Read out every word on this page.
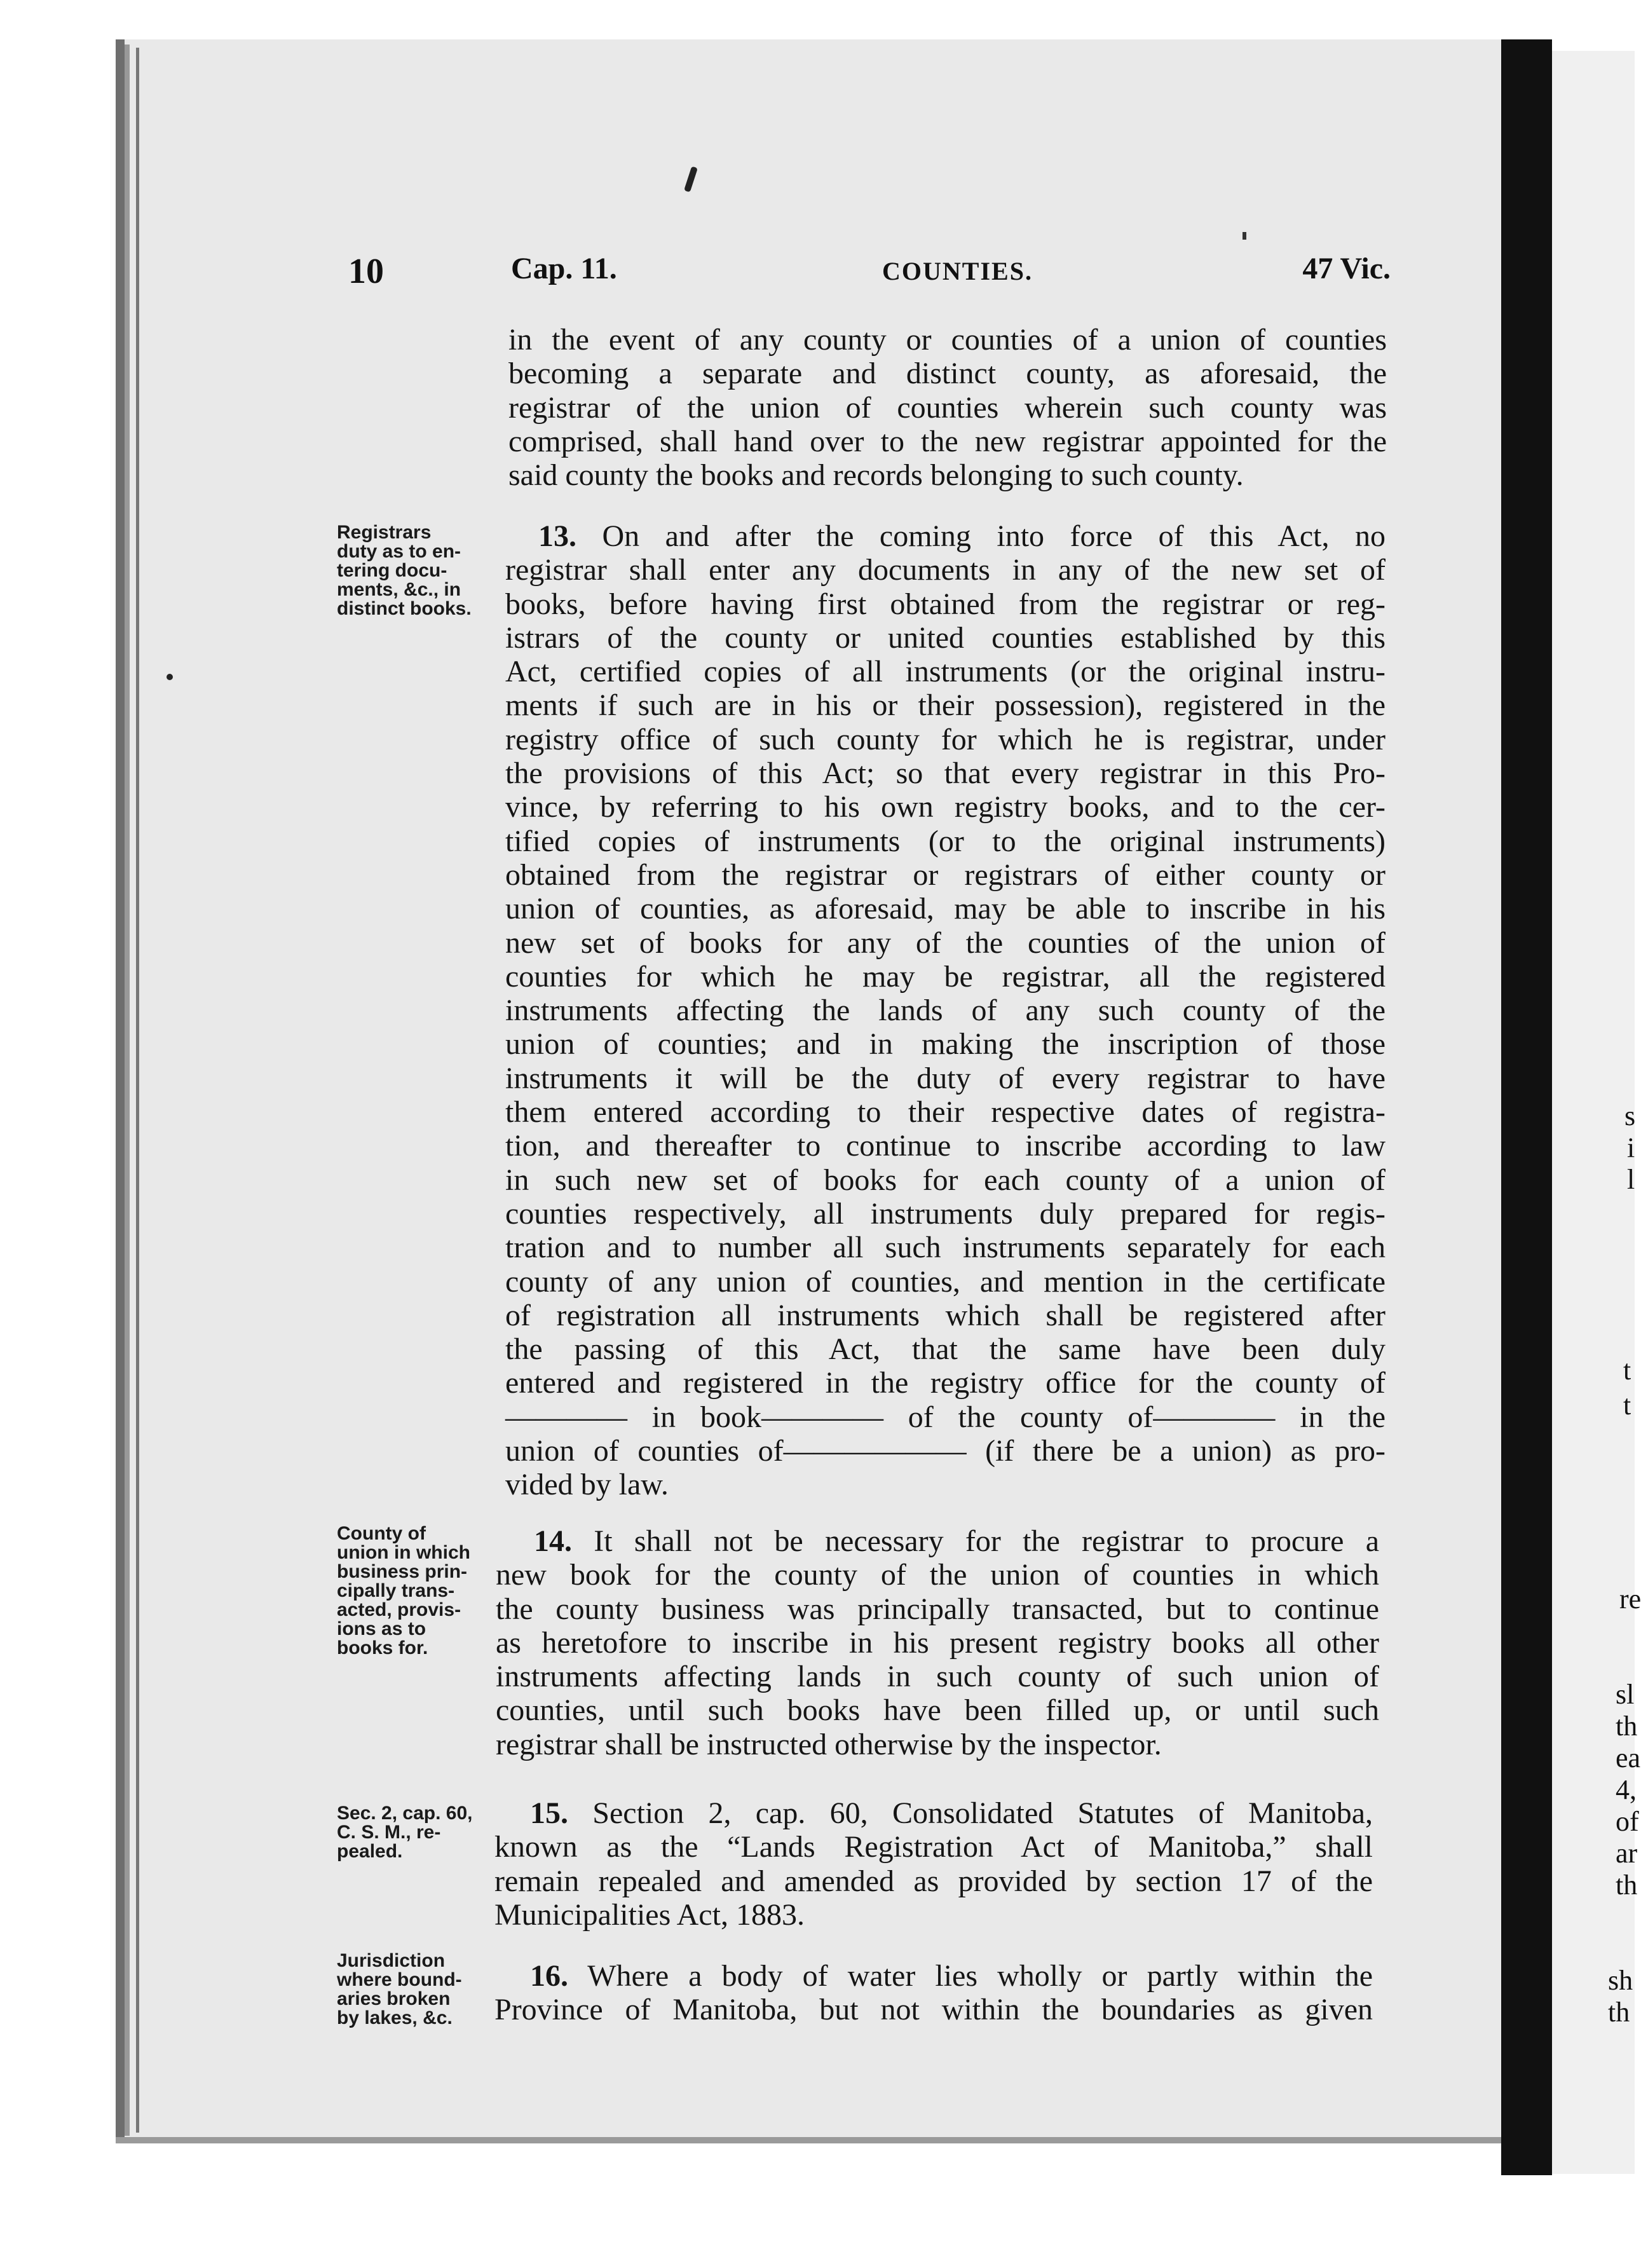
s
i
l
t
t
re
sl
th
ea
4,
of
ar
th
sh
th
10	Cap. 11.	COUNTIES.	47 Vic.
in the event of any county or counties of a union of counties
becoming a separate and distinct county, as aforesaid, the
registrar of the union of counties wherein such county was
comprised, shall hand over to the new registrar appointed for the
said county the books and records belonging to such county.
Registrars
duty as to en-
tering docu-
ments, &c., in
distinct books.
13. On and after the coming into force of this Act, no
registrar shall enter any documents in any of the new set of
books, before having first obtained from the registrar or reg-
istrars of the county or united counties established by this
Act, certified copies of all instruments (or the original instru-
ments if such are in his or their possession), registered in the
registry office of such county for which he is registrar, under
the provisions of this Act; so that every registrar in this Pro-
vince, by referring to his own registry books, and to the cer-
tified copies of instruments (or to the original instruments)
obtained from the registrar or registrars of either county or
union of counties, as aforesaid, may be able to inscribe in his
new set of books for any of the counties of the union of
counties for which he may be registrar, all the registered
instruments affecting the lands of any such county of the
union of counties; and in making the inscription of those
instruments it will be the duty of every registrar to have
them entered according to their respective dates of registra-
tion, and thereafter to continue to inscribe according to law
in such new set of books for each county of a union of
counties respectively, all instruments duly prepared for regis-
tration and to number all such instruments separately for each
county of any union of counties, and mention in the certificate
of registration all instruments which shall be registered after
the passing of this Act, that the same have been duly
entered and registered in the registry office for the county of
———— in book———— of the county of———— in the
union of counties of—————— (if there be a union) as pro-
vided by law.
County of
union in which
business prin-
cipally trans-
acted, provis-
ions as to
books for.
14. It shall not be necessary for the registrar to procure a
new book for the county of the union of counties in which
the county business was principally transacted, but to continue
as heretofore to inscribe in his present registry books all other
instruments affecting lands in such county of such union of
counties, until such books have been filled up, or until such
registrar shall be instructed otherwise by the inspector.
Sec. 2, cap. 60,
C. S. M., re-
pealed.
15. Section 2, cap. 60, Consolidated Statutes of Manitoba,
known as the “Lands Registration Act of Manitoba,” shall
remain repealed and amended as provided by section 17 of the
Municipalities Act, 1883.
Jurisdiction
where bound-
aries broken
by lakes, &c.
16. Where a body of water lies wholly or partly within the
Province of Manitoba, but not within the boundaries as given
